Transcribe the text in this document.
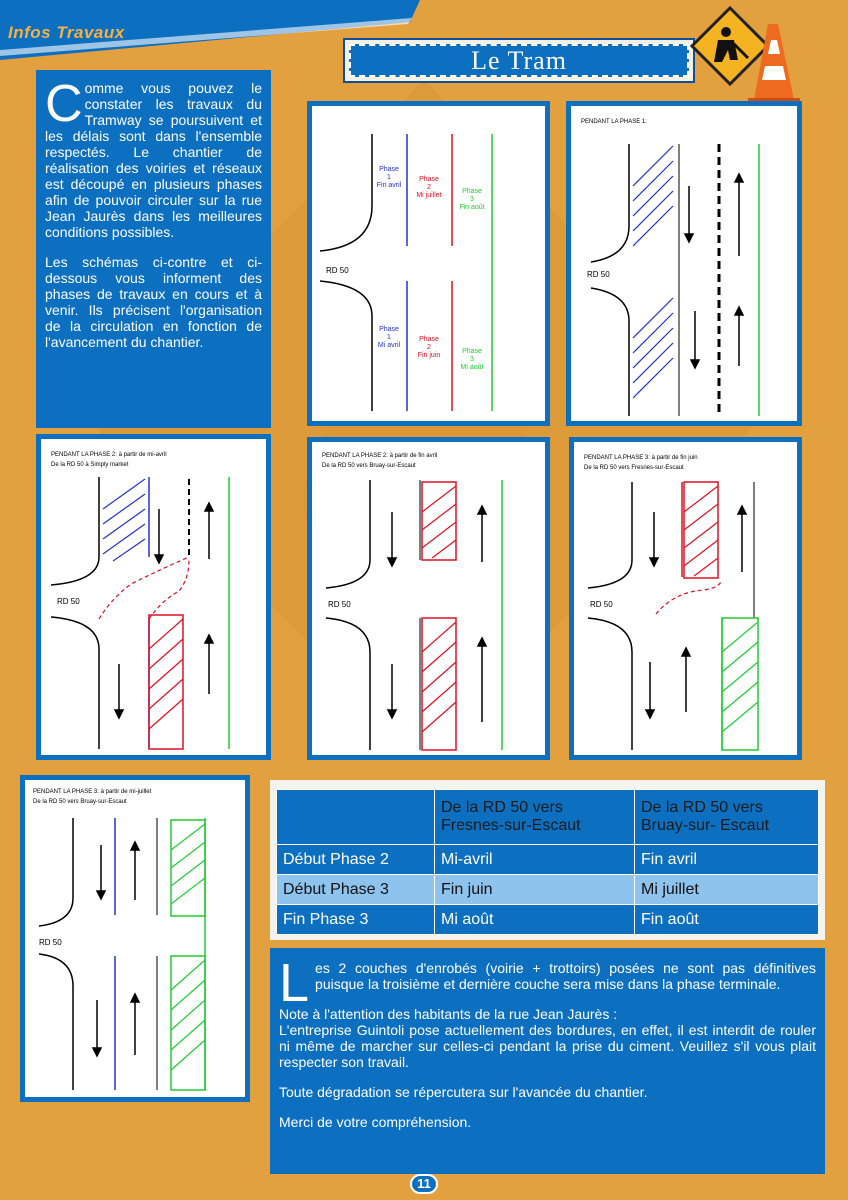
Infos Travaux
Le Tram
C omme vous pouvez le constater les travaux du Tramway se poursuivent et les délais sont dans l'ensemble respectés. Le chantier de réalisation des voiries et réseaux est découpé en plusieurs phases afin de pouvoir circuler sur la rue Jean Jaurès dans les meilleures conditions possibles.

Les schémas ci-contre et ci-dessous vous informent des phases de travaux en cours et à venir. Ils précisent l'organisation de la circulation en fonction de l'avancement du chantier.

Phase 1 Fin avril
Phase 2 Mi juillet
Phase 3 Fin août
Phase 1 Mi avril
Phase 2 Fin juin
Phase 3 Mi août
RD 50
PENDANT LA PHASE 1:
RD 50
PENDANT LA PHASE 2: à partir de mi-avril
De la RD 50 à Simply market
RD 50
PENDANT LA PHASE 2: à partir de fin avril
De la RD 50 vers Bruay-sur-Escaut
RD 50
PENDANT LA PHASE 3: à partir de fin juin
De la RD 50 vers Fresnes-sur-Escaut
RD 50
PENDANT LA PHASE 3: à partir de mi-juillet
De la RD 50 vers Bruay-sur-Escaut
RD 50
	De la RD 50 vers Fresnes-sur-Escaut	De la RD 50 vers Bruay-sur- Escaut
Début Phase 2	Mi-avril	Fin avril
Début Phase 3	Fin juin	Mi juillet
Fin Phase 3	Mi août	Fin août
L es 2 couches d'enrobés (voirie + trottoirs) posées ne sont pas définitives puisque la troisième et dernière couche sera mise dans la phase terminale.

Note à l'attention des habitants de la rue Jean Jaurès :
L'entreprise Guintoli pose actuellement des bordures, en effet, il est interdit de rouler ni même de marcher sur celles-ci pendant la prise du ciment. Veuillez s'il vous plait respecter son travail.

Toute dégradation se répercutera sur l'avancée du chantier.

Merci de votre compréhension.

11
